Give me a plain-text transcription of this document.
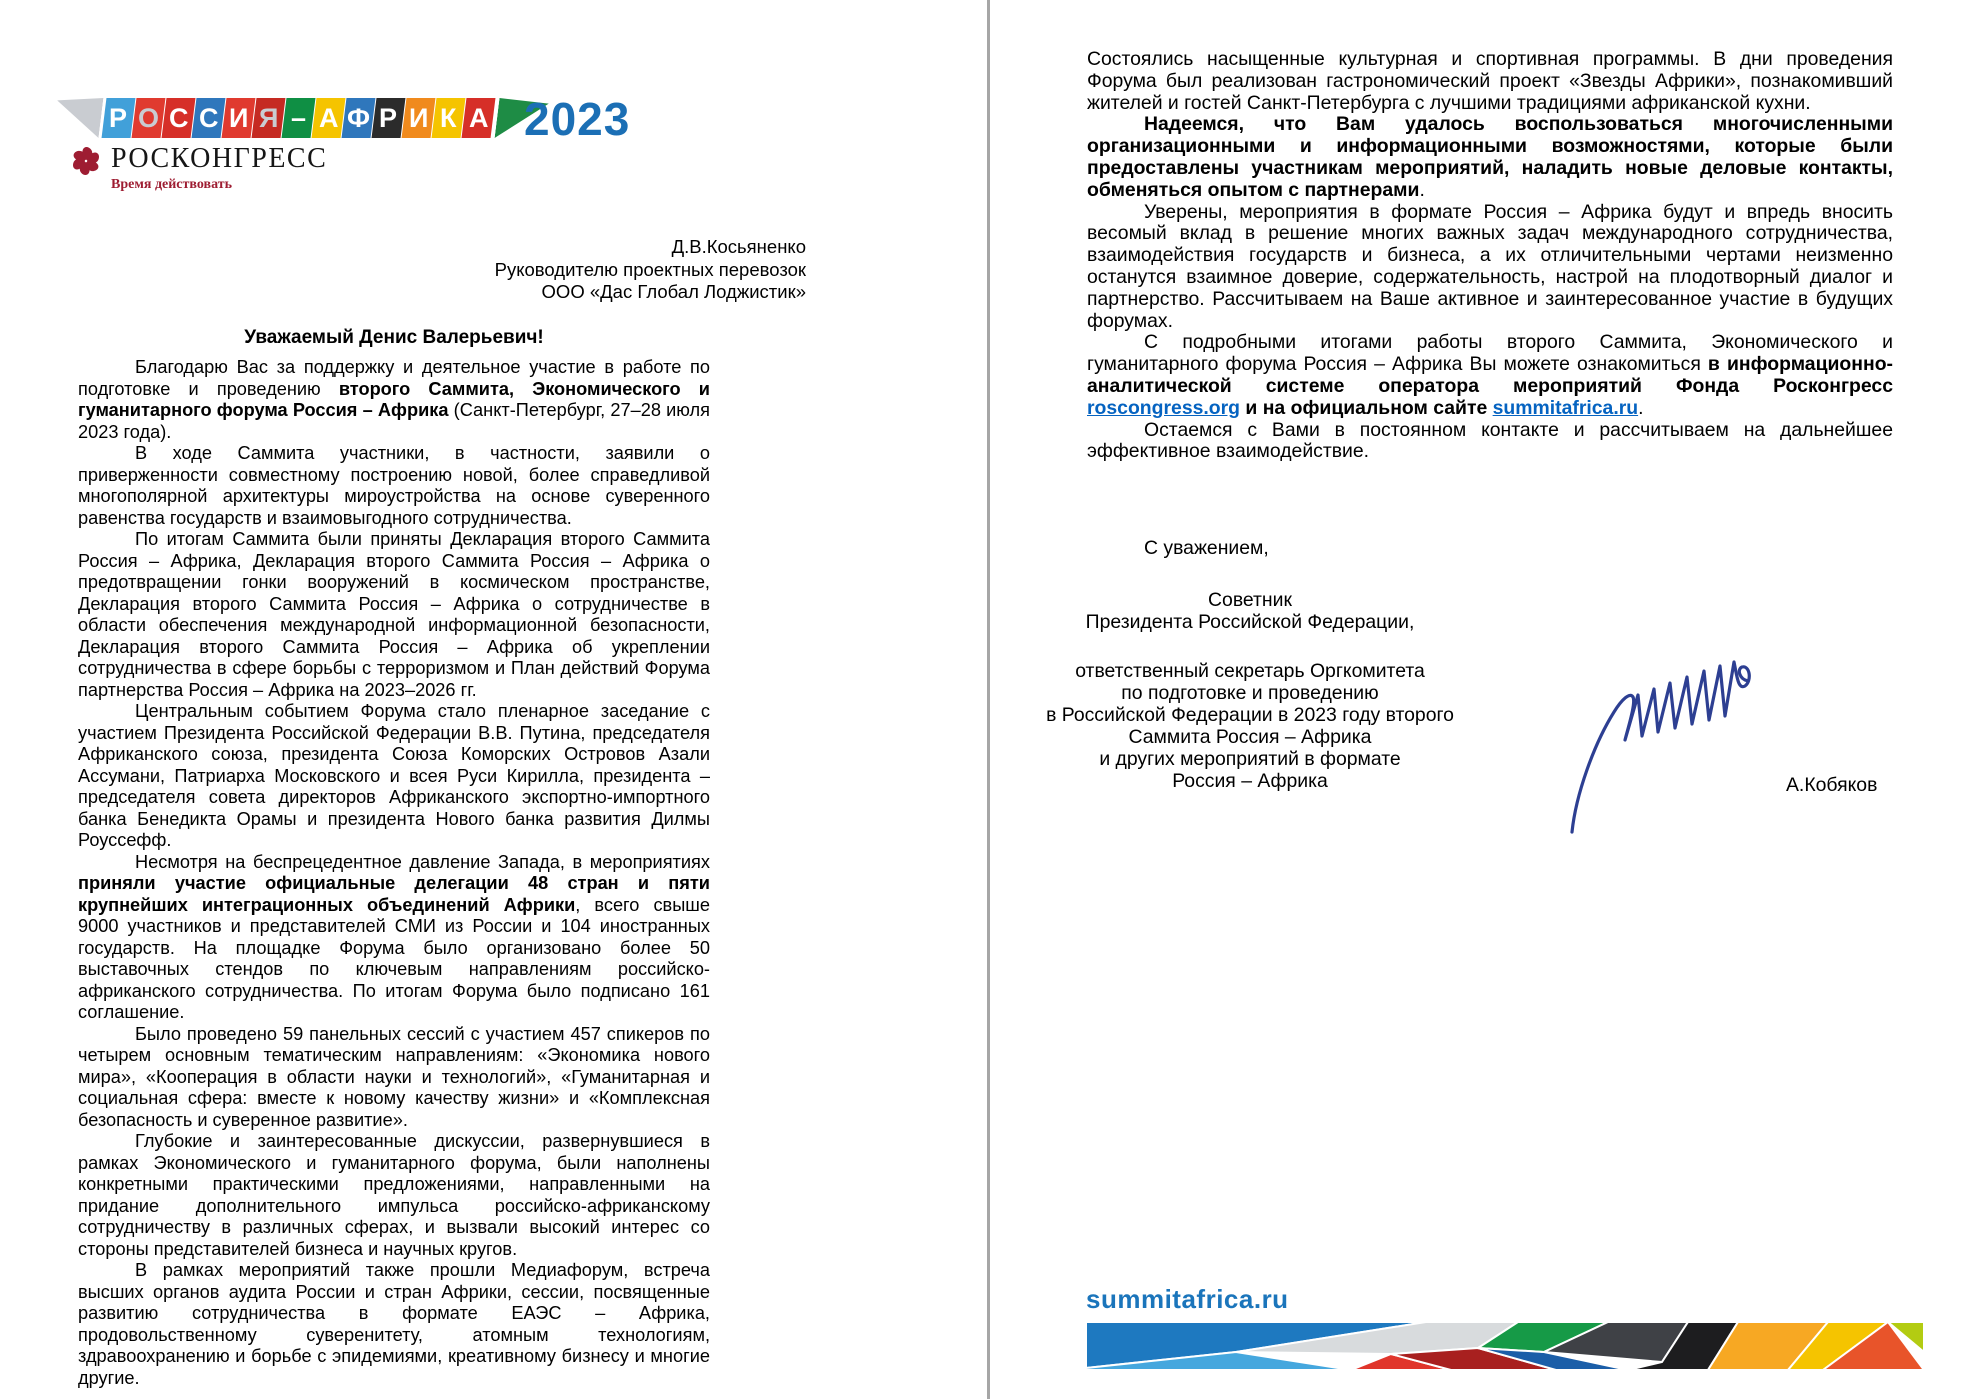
Р О С С И Я – А Ф Р И К А 2023
РОСКОНГРЕСС
Время действовать
Д.В.Косьяненко
Руководителю проектных перевозок
ООО «Дас Глобал Лоджистик»
Уважаемый Денис Валерьевич!

Благодарю Вас за поддержку и деятельное участие в работе по подготовке и проведению второго Саммита, Экономического и гуманитарного форума Россия – Африка (Санкт-Петербург, 27–28 июля 2023 года).

В ходе Саммита участники, в частности, заявили о приверженности совместному построению новой, более справедливой многополярной архитектуры мироустройства на основе суверенного равенства государств и взаимовыгодного сотрудничества.

По итогам Саммита были приняты Декларация второго Саммита Россия – Африка, Декларация второго Саммита Россия – Африка о предотвращении гонки вооружений в космическом пространстве, Декларация второго Саммита Россия – Африка о сотрудничестве в области обеспечения международной информационной безопасности, Декларация второго Саммита Россия – Африка об укреплении сотрудничества в сфере борьбы с терроризмом и План действий Форума партнерства Россия – Африка на 2023–2026 гг.

Центральным событием Форума стало пленарное заседание с участием Президента Российской Федерации В.В. Путина, председателя Африканского союза, президента Союза Коморских Островов Азали Ассумани, Патриарха Московского и всея Руси Кирилла, президента – председателя совета директоров Африканского экспортно-импортного банка Бенедикта Орамы и президента Нового банка развития Дилмы Роуссефф.

Несмотря на беспрецедентное давление Запада, в мероприятиях приняли участие официальные делегации 48 стран и пяти крупнейших интеграционных объединений Африки, всего свыше 9000 участников и представителей СМИ из России и 104 иностранных государств. На площадке Форума было организовано более 50 выставочных стендов по ключевым направлениям российско-африканского сотрудничества. По итогам Форума было подписано 161 соглашение.

Было проведено 59 панельных сессий с участием 457 спикеров по четырем основным тематическим направлениям: «Экономика нового мира», «Кооперация в области науки и технологий», «Гуманитарная и социальная сфера: вместе к новому качеству жизни» и «Комплексная безопасность и суверенное развитие».

Глубокие и заинтересованные дискуссии, развернувшиеся в рамках Экономического и гуманитарного форума, были наполнены конкретными практическими предложениями, направленными на придание дополнительного импульса российско-африканскому сотрудничеству в различных сферах, и вызвали высокий интерес со стороны представителей бизнеса и научных кругов.

В рамках мероприятий также прошли Медиафорум, встреча высших органов аудита России и стран Африки, сессии, посвященные развитию сотрудничества в формате ЕАЭС – Африка, продовольственному суверенитету, атомным технологиям, здравоохранению и борьбе с эпидемиями, креативному бизнесу и многие другие.

Состоялись насыщенные культурная и спортивная программы. В дни проведения Форума был реализован гастрономический проект «Звезды Африки», познакомивший жителей и гостей Санкт-Петербурга с лучшими традициями африканской кухни.

Надеемся, что Вам удалось воспользоваться многочисленными организационными и информационными возможностями, которые были предоставлены участникам мероприятий, наладить новые деловые контакты, обменяться опытом с партнерами.

Уверены, мероприятия в формате Россия – Африка будут и впредь вносить весомый вклад в решение многих важных задач международного сотрудничества, взаимодействия государств и бизнеса, а их отличительными чертами неизменно останутся взаимное доверие, содержательность, настрой на плодотворный диалог и партнерство. Рассчитываем на Ваше активное и заинтересованное участие в будущих форумах.

С подробными итогами работы второго Саммита, Экономического и гуманитарного форума Россия – Африка Вы можете ознакомиться в информационно-аналитической системе оператора мероприятий Фонда Росконгресс roscongress.org и на официальном сайте summitafrica.ru.

Остаемся с Вами в постоянном контакте и рассчитываем на дальнейшее эффективное взаимодействие.

С уважением,
Советник
Президента Российской Федерации,
ответственный секретарь Оргкомитета
по подготовке и проведению
в Российской Федерации в 2023 году второго
Саммита Россия – Африка
и других мероприятий в формате
Россия – Африка	А.Кобяков
summitafrica.ru
